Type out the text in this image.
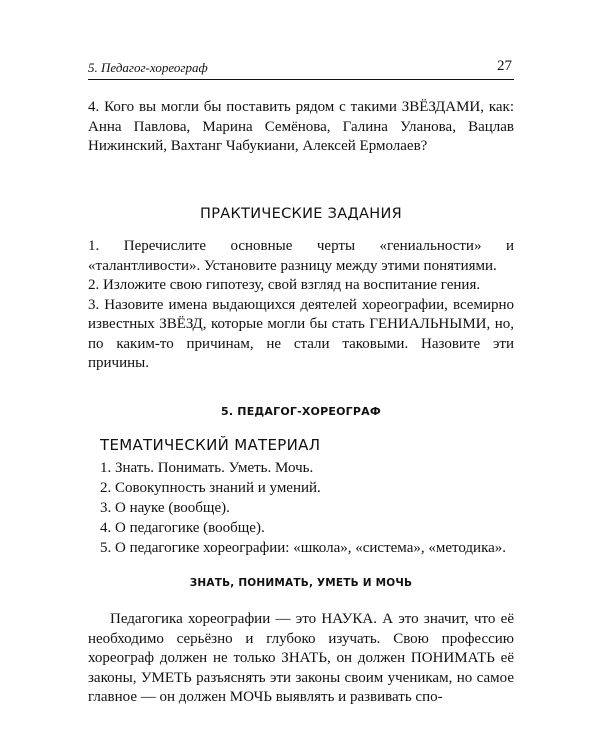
5. Педагог-хореограф	27

4. Кого вы могли бы поставить рядом с такими ЗВЁЗДАМИ, как: Анна Павлова, Марина Семёнова, Галина Уланова, Вацлав Нижинский, Вахтанг Чабукиани, Алексей Ермолаев?

ПРАКТИЧЕСКИЕ ЗАДАНИЯ

1. Перечислите основные черты «гениальности» и «талантливости». Установите разницу между этими понятиями.

2. Изложите свою гипотезу, свой взгляд на воспитание гения.

3. Назовите имена выдающихся деятелей хореографии, всемирно известных ЗВЁЗД, которые могли бы стать ГЕНИАЛЬНЫМИ, но, по каким-то причинам, не стали таковыми. Назовите эти причины.

5. ПЕДАГОГ-ХОРЕОГРАФ
ТЕМАТИЧЕСКИЙ МАТЕРИАЛ
1. Знать. Понимать. Уметь. Мочь.
2. Совокупность знаний и умений.
3. О науке (вообще).
4. О педагогике (вообще).
5. О педагогике хореографии: «школа», «система», «методика».
ЗНАТЬ, ПОНИМАТЬ, УМЕТЬ И МОЧЬ

Педагогика хореографии — это НАУКА. А это значит, что её необходимо серьёзно и глубоко изучать. Свою профессию хореограф должен не только ЗНАТЬ, он должен ПОНИМАТЬ её законы, УМЕТЬ разъяснять эти законы своим ученикам, но самое главное — он должен МОЧЬ выявлять и развивать спо-
